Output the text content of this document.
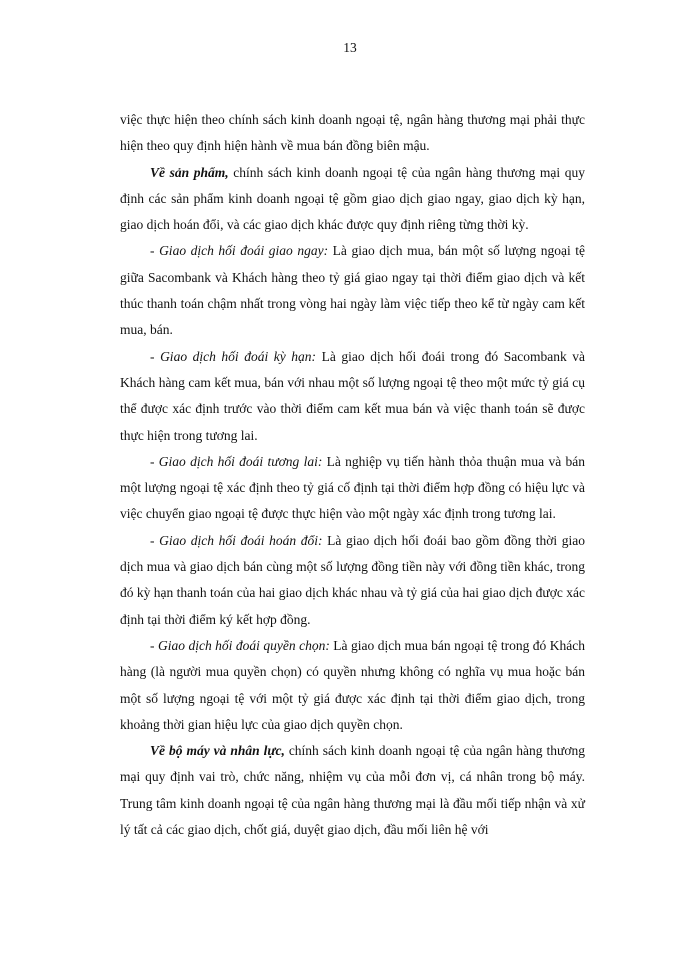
13

việc thực hiện theo chính sách kinh doanh ngoại tệ, ngân hàng thương mại phải thực hiện theo quy định hiện hành về mua bán đồng biên mậu.

Về sản phẩm, chính sách kinh doanh ngoại tệ của ngân hàng thương mại quy định các sản phẩm kinh doanh ngoại tệ gồm giao dịch giao ngay, giao dịch kỳ hạn, giao dịch hoán đổi, và các giao dịch khác được quy định riêng từng thời kỳ.

- Giao dịch hối đoái giao ngay: Là giao dịch mua, bán một số lượng ngoại tệ giữa Sacombank và Khách hàng theo tỷ giá giao ngay tại thời điểm giao dịch và kết thúc thanh toán chậm nhất trong vòng hai ngày làm việc tiếp theo kể từ ngày cam kết mua, bán.

- Giao dịch hối đoái kỳ hạn: Là giao dịch hối đoái trong đó Sacombank và Khách hàng cam kết mua, bán với nhau một số lượng ngoại tệ theo một mức tỷ giá cụ thể được xác định trước vào thời điểm cam kết mua bán và việc thanh toán sẽ được thực hiện trong tương lai.

- Giao dịch hối đoái tương lai: Là nghiệp vụ tiến hành thỏa thuận mua và bán một lượng ngoại tệ xác định theo tỷ giá cố định tại thời điểm hợp đồng có hiệu lực và việc chuyển giao ngoại tệ được thực hiện vào một ngày xác định trong tương lai.

- Giao dịch hối đoái hoán đổi: Là giao dịch hối đoái bao gồm đồng thời giao dịch mua và giao dịch bán cùng một số lượng đồng tiền này với đồng tiền khác, trong đó kỳ hạn thanh toán của hai giao dịch khác nhau và tỷ giá của hai giao dịch được xác định tại thời điểm ký kết hợp đồng.

- Giao dịch hối đoái quyền chọn: Là giao dịch mua bán ngoại tệ trong đó Khách hàng (là người mua quyền chọn) có quyền nhưng không có nghĩa vụ mua hoặc bán một số lượng ngoại tệ với một tỷ giá được xác định tại thời điểm giao dịch, trong khoảng thời gian hiệu lực của giao dịch quyền chọn.

Về bộ máy và nhân lực, chính sách kinh doanh ngoại tệ của ngân hàng thương mại quy định vai trò, chức năng, nhiệm vụ của mỗi đơn vị, cá nhân trong bộ máy. Trung tâm kinh doanh ngoại tệ của ngân hàng thương mại là đầu mối tiếp nhận và xử lý tất cả các giao dịch, chốt giá, duyệt giao dịch, đầu mối liên hệ với
